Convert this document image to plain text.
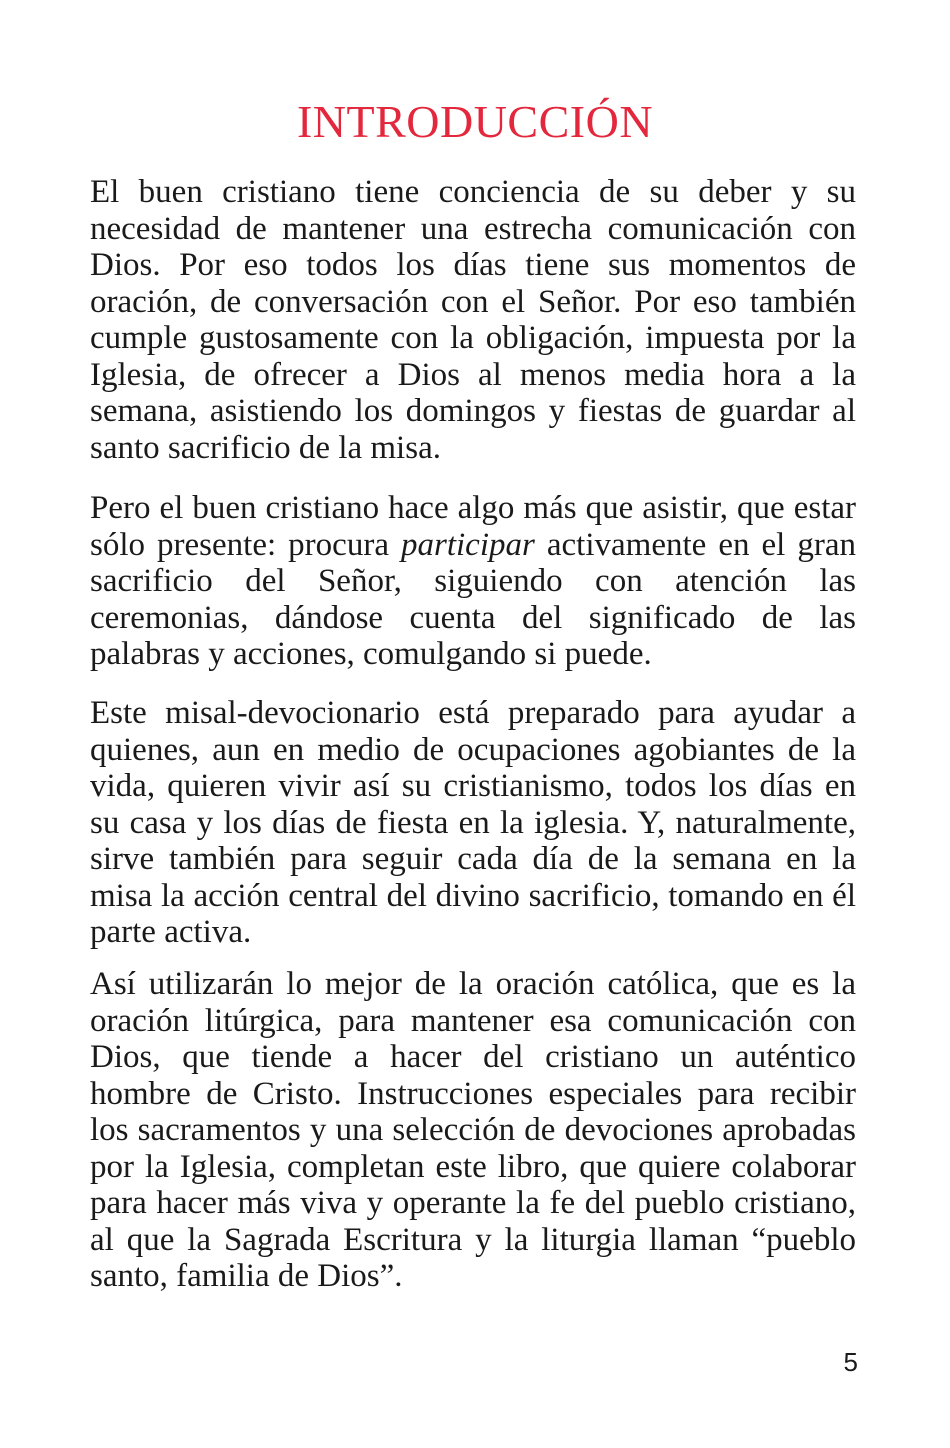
INTRODUCCIÓN

El buen cristiano tiene conciencia de su deber y su necesidad de mantener una estrecha comunicación con Dios. Por eso todos los días tiene sus momentos de oración, de conversación con el Señor. Por eso también cumple gustosamente con la obligación, impuesta por la Iglesia, de ofrecer a Dios al menos media hora a la semana, asistiendo los domingos y fiestas de guardar al santo sacrificio de la misa.

Pero el buen cristiano hace algo más que asistir, que estar sólo presente: procura participar activamente en el gran sacrificio del Señor, siguiendo con atención las ceremonias, dándose cuenta del significado de las palabras y acciones, comulgando si puede.

Este misal-devocionario está preparado para ayudar a quienes, aun en medio de ocupaciones agobiantes de la vida, quieren vivir así su cristianismo, todos los días en su casa y los días de fiesta en la iglesia. Y, naturalmente, sirve también para seguir cada día de la semana en la misa la acción central del divino sacrificio, tomando en él parte activa.

Así utilizarán lo mejor de la oración católica, que es la oración litúrgica, para mantener esa comunicación con Dios, que tiende a hacer del cristiano un auténtico hombre de Cristo. Instrucciones especiales para recibir los sacramentos y una selección de devociones aprobadas por la Iglesia, completan este libro, que quiere colaborar para hacer más viva y operante la fe del pueblo cristiano, al que la Sagrada Escritura y la liturgia llaman “pueblo santo, familia de Dios”.

5
